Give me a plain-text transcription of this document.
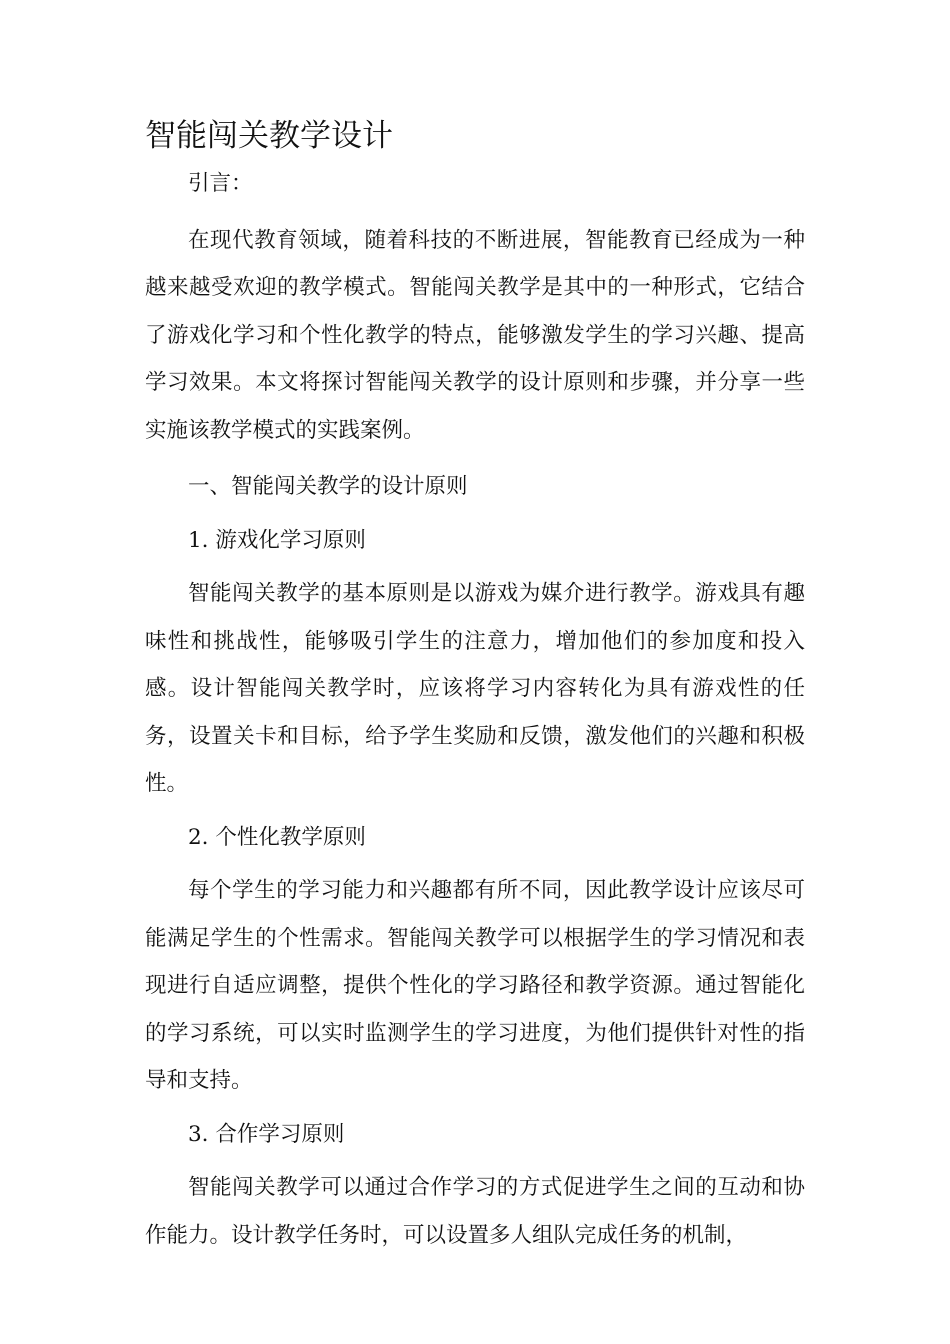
智能闯关教学设计

引言：

在现代教育领域，随着科技的不断进展，智能教育已经成为一种越来越受欢迎的教学模式。智能闯关教学是其中的一种形式，它结合了游戏化学习和个性化教学的特点，能够激发学生的学习兴趣、提高学习效果。本文将探讨智能闯关教学的设计原则和步骤，并分享一些实施该教学模式的实践案例。

一、智能闯关教学的设计原则

1. 游戏化学习原则

智能闯关教学的基本原则是以游戏为媒介进行教学。游戏具有趣味性和挑战性，能够吸引学生的注意力，增加他们的参加度和投入感。设计智能闯关教学时，应该将学习内容转化为具有游戏性的任务，设置关卡和目标，给予学生奖励和反馈，激发他们的兴趣和积极性。

2. 个性化教学原则

每个学生的学习能力和兴趣都有所不同，因此教学设计应该尽可能满足学生的个性需求。智能闯关教学可以根据学生的学习情况和表现进行自适应调整，提供个性化的学习路径和教学资源。通过智能化的学习系统，可以实时监测学生的学习进度，为他们提供针对性的指导和支持。

3. 合作学习原则

智能闯关教学可以通过合作学习的方式促进学生之间的互动和协作能力。设计教学任务时，可以设置多人组队完成任务的机制，
